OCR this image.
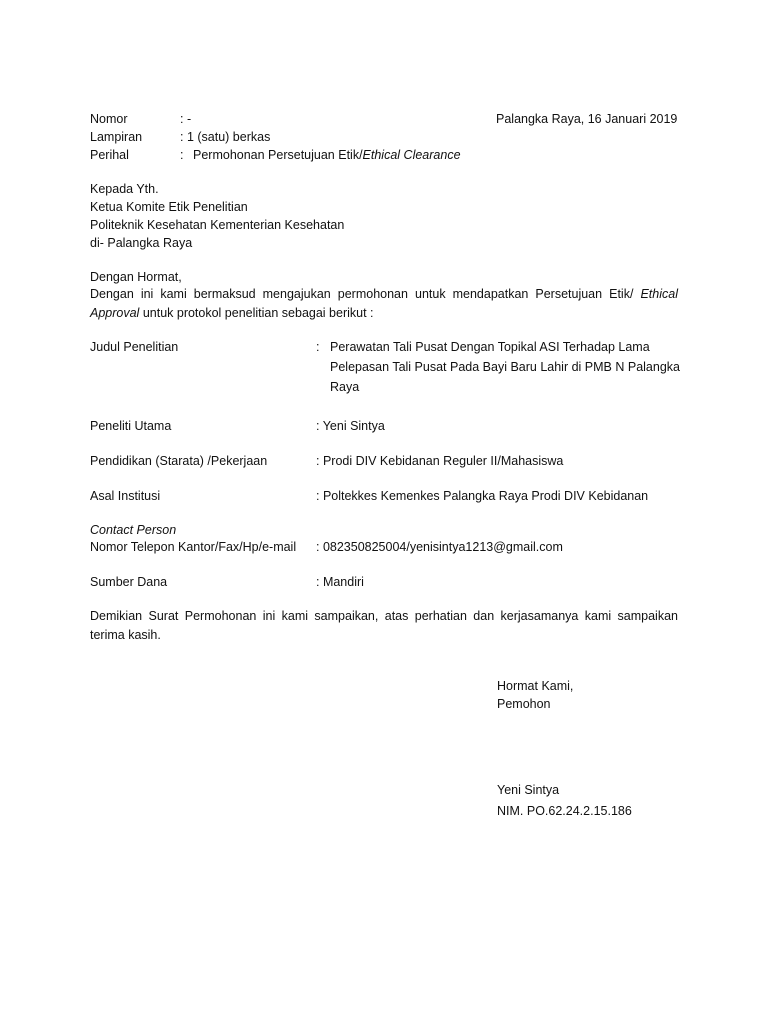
Nomor	: -	Palangka Raya, 16 Januari 2019
Lampiran	: 1 (satu) berkas
Perihal	: Permohonan Persetujuan Etik/Ethical Clearance
Kepada Yth.
Ketua Komite Etik Penelitian
Politeknik Kesehatan Kementerian Kesehatan
di- Palangka Raya
Dengan Hormat,
Dengan ini kami bermaksud mengajukan permohonan untuk mendapatkan Persetujuan Etik/ Ethical Approval untuk protokol penelitian sebagai berikut :
Judul Penelitian	: Perawatan Tali Pusat Dengan Topikal ASI Terhadap Lama
Pelepasan Tali Pusat Pada Bayi Baru Lahir di PMB N Palangka
Raya
Peneliti Utama	: Yeni Sintya
Pendidikan (Starata) /Pekerjaan	: Prodi DIV Kebidanan Reguler II/Mahasiswa
Asal Institusi	: Poltekkes Kemenkes Palangka Raya Prodi DIV Kebidanan
Contact Person
Nomor Telepon Kantor/Fax/Hp/e-mail : 082350825004/yenisintya1213@gmail.com
Sumber Dana	: Mandiri
Demikian Surat Permohonan ini kami sampaikan, atas perhatian dan kerjasamanya kami sampaikan terima kasih.
Hormat Kami,
Pemohon
Yeni Sintya
NIM. PO.62.24.2.15.186
